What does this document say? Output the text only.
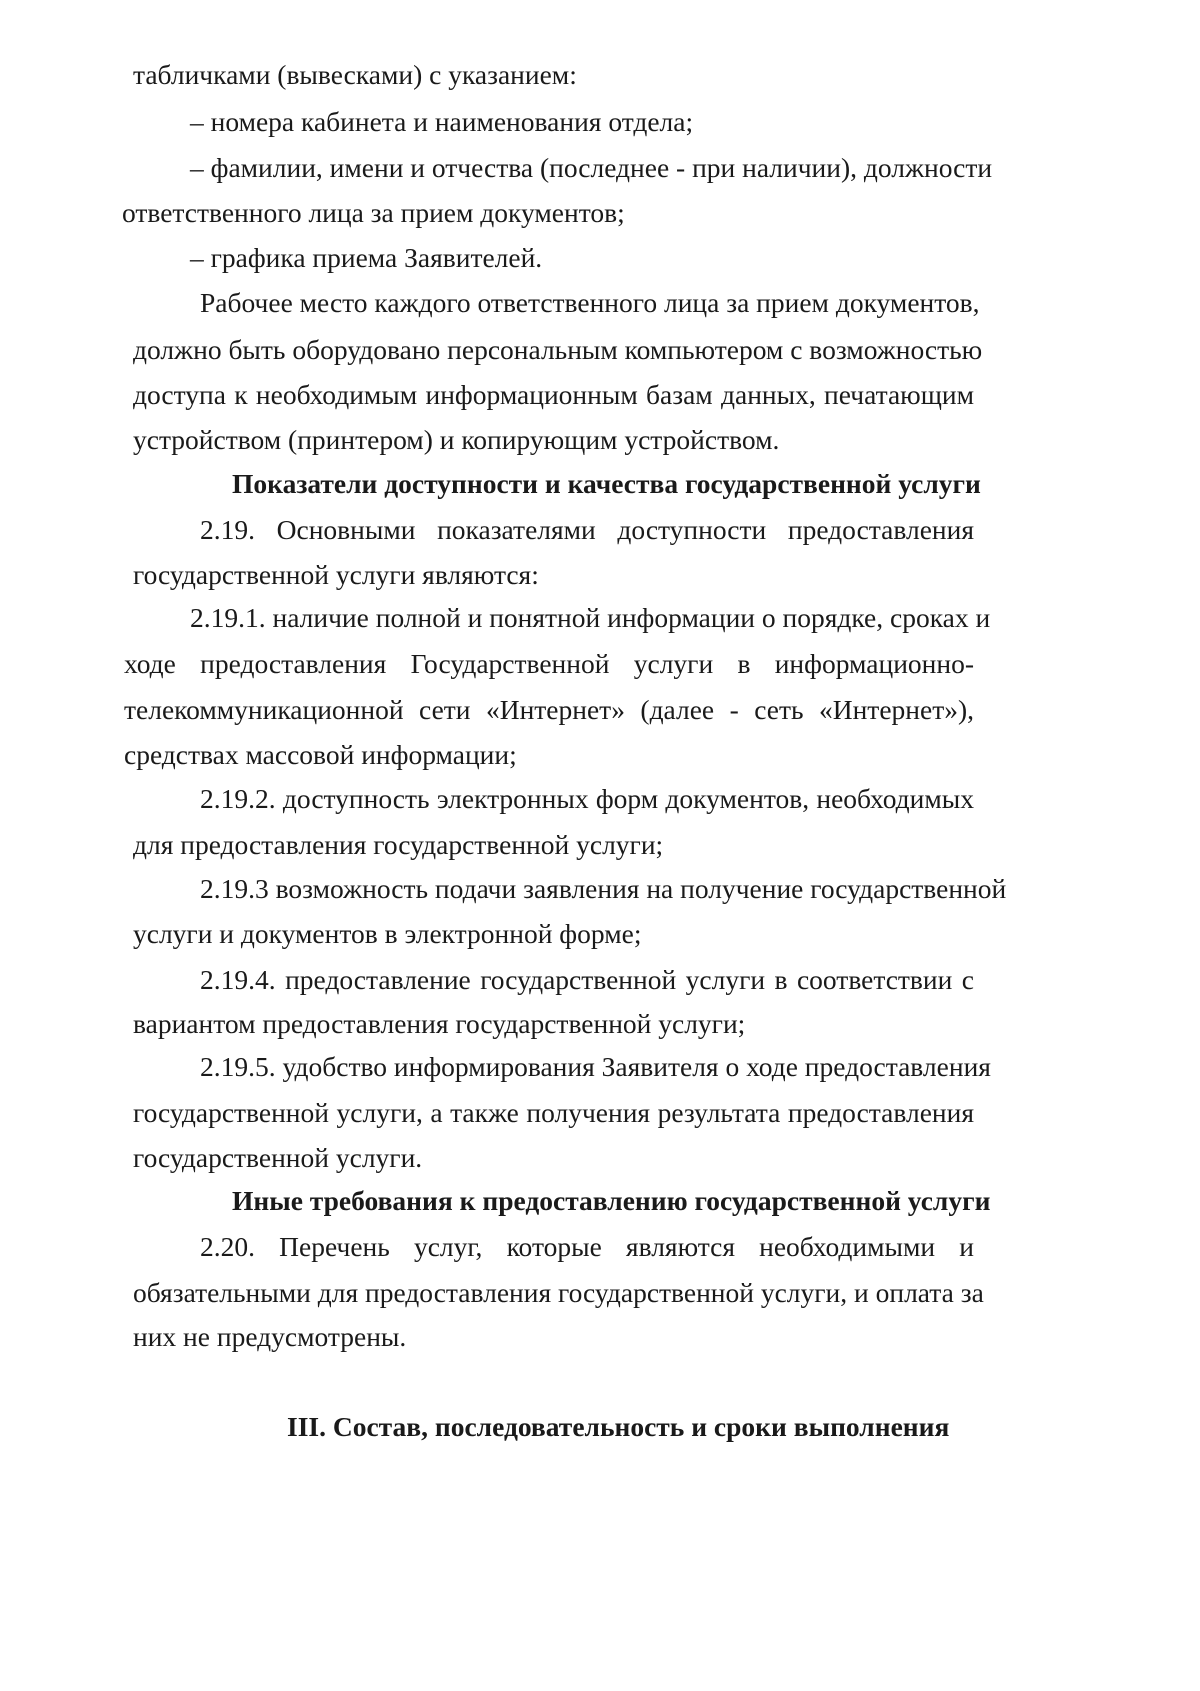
табличками (вывесками) с указанием:
– номера кабинета и наименования отдела;
– фамилии, имени и отчества (последнее - при наличии), должности
ответственного лица за прием документов;
– графика приема Заявителей.
Рабочее место каждого ответственного лица за прием документов,
должно быть оборудовано персональным компьютером с возможностью
доступа к необходимым информационным базам данных, печатающим
устройством (принтером) и копирующим устройством.
Показатели доступности и качества государственной услуги
2.19. Основными показателями доступности предоставления
государственной услуги являются:
2.19.1. наличие полной и понятной информации о порядке, сроках и
ходе предоставления Государственной услуги в информационно-
телекоммуникационной сети «Интернет» (далее - сеть «Интернет»),
средствах массовой информации;
2.19.2. доступность электронных форм документов, необходимых
для предоставления государственной услуги;
2.19.3 возможность подачи заявления на получение государственной
услуги и документов в электронной форме;
2.19.4. предоставление государственной услуги в соответствии с
вариантом предоставления государственной услуги;
2.19.5. удобство информирования Заявителя о ходе предоставления
государственной услуги, а также получения результата предоставления
государственной услуги.
Иные требования к предоставлению государственной услуги
2.20. Перечень услуг, которые являются необходимыми и
обязательными для предоставления государственной услуги, и оплата за
них не предусмотрены.
III. Состав, последовательность и сроки выполнения
